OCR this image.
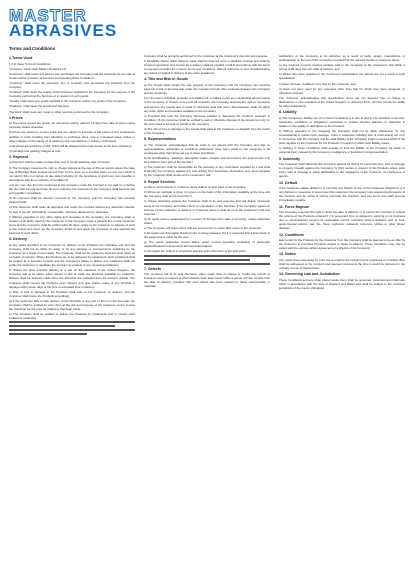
MASTER
ABRASIVES
Terms and Conditions
1.Terms Used
1.1 In these Terms & Conditions:
"Company" shall mean Master Abrasives Ltd.
"Customer" shall mean any person who purchases the Company and the Customer for the sale of Goods and/or provision of Services incorporating these Conditions.
"Customer" shall mean the person(s), firm or company who purchases the Products from the Company.
"Contract" shall mean the supply of the Customer supplied to the Company for the purpose of the Company performing the Services or in respect of such goods.
"Goods" shall mean any goods supplied to the Customer and/or any goods of the Company.
"Products" shall mean the Goods and Services.
"Services" shall mean any repair or other services performed by the Company.
1.Prices
a) The prices quoted are strictly net and prices will be valid for 14 days from date of issue unless expressly stated otherwise.
b) Prices are based on current costs and are subject to increase to the extent of any subsequent addition in costs resulting from alteration in exchange rates, new or increased taxes, duties or other charges on the supply of or relating to the manufacture or delivery of Products.
c) All prices are exclusive of VAT, which will be charged at the rate current at the time of delivery.
d) Carriage and packing charges at cost.
2. Payment
a) Payment shall be made not later than end of month following date of invoice.
b) The Company reserves the right to charge interest at the rate of 4% per annum above the base rate of Barclays Bank Limited current from time to time, on a monthly basis, on any sum which is not paid in full on or before its due date (including for the avoidance of doubt any sum payable in accordance with the provisions of Condition 6).
c) If any sum due from the Customer to the Company under the Contract is not paid on or before the due date for payment then all sums owed by the Customer to the Company shall become due and payable immediately.
d) No payment shall be deemed received by the Company until the Company has received cleared funds.
e) The Customer shall make all payments due under the Contract without any deduction whether by way of set-off, withholding, counterclaim, discount, abatement or otherwise.
f) Without prejudice to any other rights and remedies of the Company, the Company shall, in respect of all debts owed by the Customer to the Company, have a general lien on the Customer items and the Company shall be entitled after 30 days' notice to the Customer to dispose of such of the Customer's items as the Company thinks fit and apply the proceeds of sale towards the payment of such debts.
3. Delivery
a) Any dates specified to the Customer for delivery of the Products are estimates only and the Company shall not be liable for delay or for any damage or inconvenience sustained by the Customer as a result of such delay. The Customer shall not be entitled to treat any such delay as a breach of contract. Where the Products are to be delivered by instalments, each instalment shall be treated as a separate contract and the Company's failure to deliver one instalment shall not entitle the Customer to repudiate the Contract as a whole or any remaining instalment.
b) Where the price includes delivery to a site on the mainland of the United Kingdom, the Company will at its option either deliver to site or make the Products available for collection; delivery shall be deemed made when the Products are unloaded from the carrier's vehicle. The Customer shall inspect the Products upon delivery and give written notice of any shortfall or damage within seven days of the time or estimated time of delivery.
c) Risk of loss or damage to the Products shall pass to the Customer on delivery, and the Customer shall insure the Products accordingly.
d) If the Customer fails to take delivery of the Products or any part of them on the due date, the Company shall be entitled to store them at the risk and expense of the Customer and to invoice the Customer for the price as if delivery had been made.
e) The Company shall be entitled to deliver the Products by instalments and to invoice each instalment separately.
Company shall be promptly performed by the Customer at the Customer's own risk and expense.
f) Divisibility clause. Each delivery made shall be deemed to be a separate contract and shall be invoiced separately. Any invoice for a delivery shall be payable in full in accordance with the terms of payment provided for in these terms and conditions, without reference to and notwithstanding any defect or default in delivery of any other instalment.
4. Title and Risk in Goods
a) The Goods shall remain the sole property of the Company until the Company has received payment in full of all sums due under the Contract and all other contracts between the Company and the Customer.
b) In the event of default, pursuant to Condition 15, or failure to pay any outstanding amount owing to the Company in respect of any and all contracts, the Company reserves the right to repossess and remove any Goods and to resell or otherwise deal with them. Repossession shall not affect any other rights and remedies available to the Company.
c) Provided that until the Company becomes entitled to determine the Contract pursuant to Condition 15 the Customer shall be entitled to sell or otherwise dispose of the Goods but only for the sum owed in full and on behalf of the Company.
d) The risk of loss or damage to the Goods shall pass to the Customer on dispatch from the works of the Company.
5. Representations
a) The Customer acknowledges that its order is not placed with the Company and that no representations, warranties or conditions whatsoever have been made by the Company or its employees other than those set out in these Conditions.
b) All specifications, drawings, descriptive matter, weights and dimensions are approximate only and shall not form part of the Contract.
c) The Customer shall be responsible for the accuracy of any information supplied by it and shall indemnify the Company against any loss arising from inaccurate information. Any items supplied by the Customer shall remain at the Customer's risk.
6. Repair Services
a) Title to and property in Customer items shall at no time pass to the Company.
b) Where an estimate is given it is given on the basis of the information available at the time and the Company shall not be bound by it.
c) Unless otherwise agreed, the Customer shall at its own expense and risk deliver Customer items to the Company and collect them on completion of the Services. If the Company agrees to arrange for the collection or delivery of Customer items it shall do so at the Customer's risk and expense.
d) All repair work is guaranteed for a period of 90 days from date of invoicing, unless otherwise stated.
e) The Company will return items that are uneconomic to repair after notice to the Customer.
f) All repairs are thoroughly checked prior to being released, but it is expected that a final check of the equipment is made by the user.
g) The repair guarantee covers failure under normal operating conditions of previously repaired/replaced components and associated labour.
h) All repairs are subject to inspection and are at the discretion of the technician.
7. Defects
The Company will at its sole discretion either repair (free of charge or credit) any Goods or Customer items in respect of which defects have been found within a period of three months from the date of delivery, provided that such defect has been caused by faulty workmanship or materials.
satisfaction of the Company to be defective as a result of faulty design, manufacture or workmanship on the part of the Company provided that the relevant Goods or Customer items:
a) Are returned properly packed carriage paid to the Company at the Customer's risk within a period of 90 days from the date of delivery; and
b) Where they were supplied to the Customer's specification, the defects are not a result of such specification.
c) Have not been modified in any way by the Customer; and
d) Have not been used for any purposes other than that for which they were designed, or otherwise misused.
The Customer acknowledges that specification items are not deemed free of charge to destinations on the mainland of the United Kingdom or delivered FOC, UK Port (Incoterms 2000) for other destinations.
8. Liability
a) The Company's liability set out in these Conditions is in lieu of and to the exclusion of all other warranties, conditions or obligations expressed or implied whether statutory or otherwise in relation to the quality or description of the Products.
b) Without prejudice to the foregoing the Company shall not be liable whatsoever for any consequential or indirect loss, damage, costs or expenses including loss of profit arising out of or in connection with the Contract, and the total liability of the Company shall not exceed 100% of the price payable by the Customer for the Products in respect of which such liability arises.
c) Nothing in these Conditions shall exclude or limit the liability of the Company for death or personal injury caused by the Company's negligence or fraudulent misrepresentation.
9. Indemnity
The Customer shall indemnify the Company against all claims for personal injury, loss or damage to property brought against the Company by third parties in respect of the Products where such injury, loss or damage is solely attributable to the negligence of the Customer, its employees or agents.
10. Default
If the Customer makes default in or commits any breach of any of the Customer obligations or if any distress or execution is levied upon the Customer, the Company may suspend performance of the Contract and by notice in writing terminate the Contract, and any sums due shall become immediately payable.
11. Force Majeure
The Company reserves the right to defer the date of delivery or to cancel the Contract or reduce the volume of the Products ordered if it is prevented from or delayed in carrying on its business due to circumstances beyond its reasonable control, including without limitation acts of God, governmental actions, war, fire, flood, explosion, epidemic, lock-outs, strikes or other labour disputes.
12. Conditions
Each order for the Products by the Customer from the Company shall be deemed to be an offer by the Customer to purchase Products subject to these Conditions. These Conditions may only be varied with the express written agreement of a director of the Company.
13. Notice
Any notice given hereunder by post, fax or email to the recipient at its registered or principal office shall be addressed to the recipient and deemed received at the time it would be delivered in the ordinary course of transmission.
14. Governing Law and Jurisdiction
These Conditions and any order placed under them shall be governed, construed and shall take effect in accordance with the laws of England and Wales and shall be subject to the exclusive jurisdiction of the courts of England.
